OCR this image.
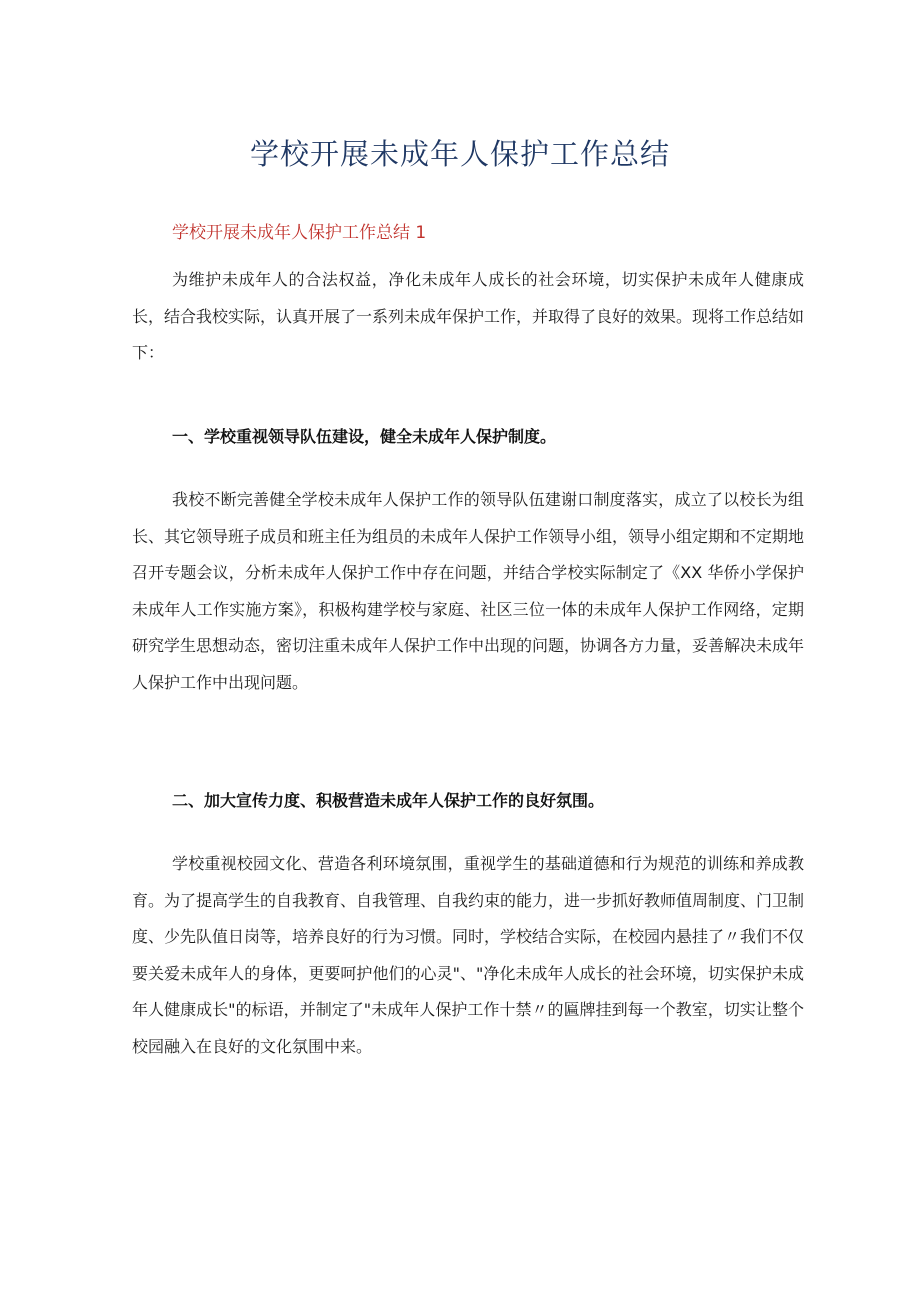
学校开展未成年人保护工作总结

学校开展未成年人保护工作总结 1

为维护未成年人的合法权益，净化未成年人成长的社会环境，切实保护未成年人健康成长，结合我校实际，认真开展了一系列未成年保护工作，并取得了良好的效果。现将工作总结如下：

一、学校重视领导队伍建设，健全未成年人保护制度。

我校不断完善健全学校未成年人保护工作的领导队伍建谢口制度落实，成立了以校长为组长、其它领导班子成员和班主任为组员的未成年人保护工作领导小组，领导小组定期和不定期地召开专题会议，分析未成年人保护工作中存在问题，并结合学校实际制定了《XX 华侨小学保护未成年人工作实施方案》，积极构建学校与家庭、社区三位一体的未成年人保护工作网络，定期研究学生思想动态，密切注重未成年人保护工作中出现的问题，协调各方力量，妥善解决未成年人保护工作中出现问题。

二、加大宣传力度、积极营造未成年人保护工作的良好氛围。

学校重视校园文化、营造各利环境氛围，重视学生的基础道德和行为规范的训练和养成教育。为了提高学生的自我教育、自我管理、自我约束的能力，进一步抓好教师值周制度、门卫制度、少先队值日岗等，培养良好的行为习惯。同时，学校结合实际，在校园内悬挂了〃我们不仅要关爱未成年人的身体，更要呵护他们的心灵"、"净化未成年人成长的社会环境，切实保护未成年人健康成长"的标语，并制定了"未成年人保护工作十禁〃的匾牌挂到每一个教室，切实让整个校园融入在良好的文化氛围中来。
